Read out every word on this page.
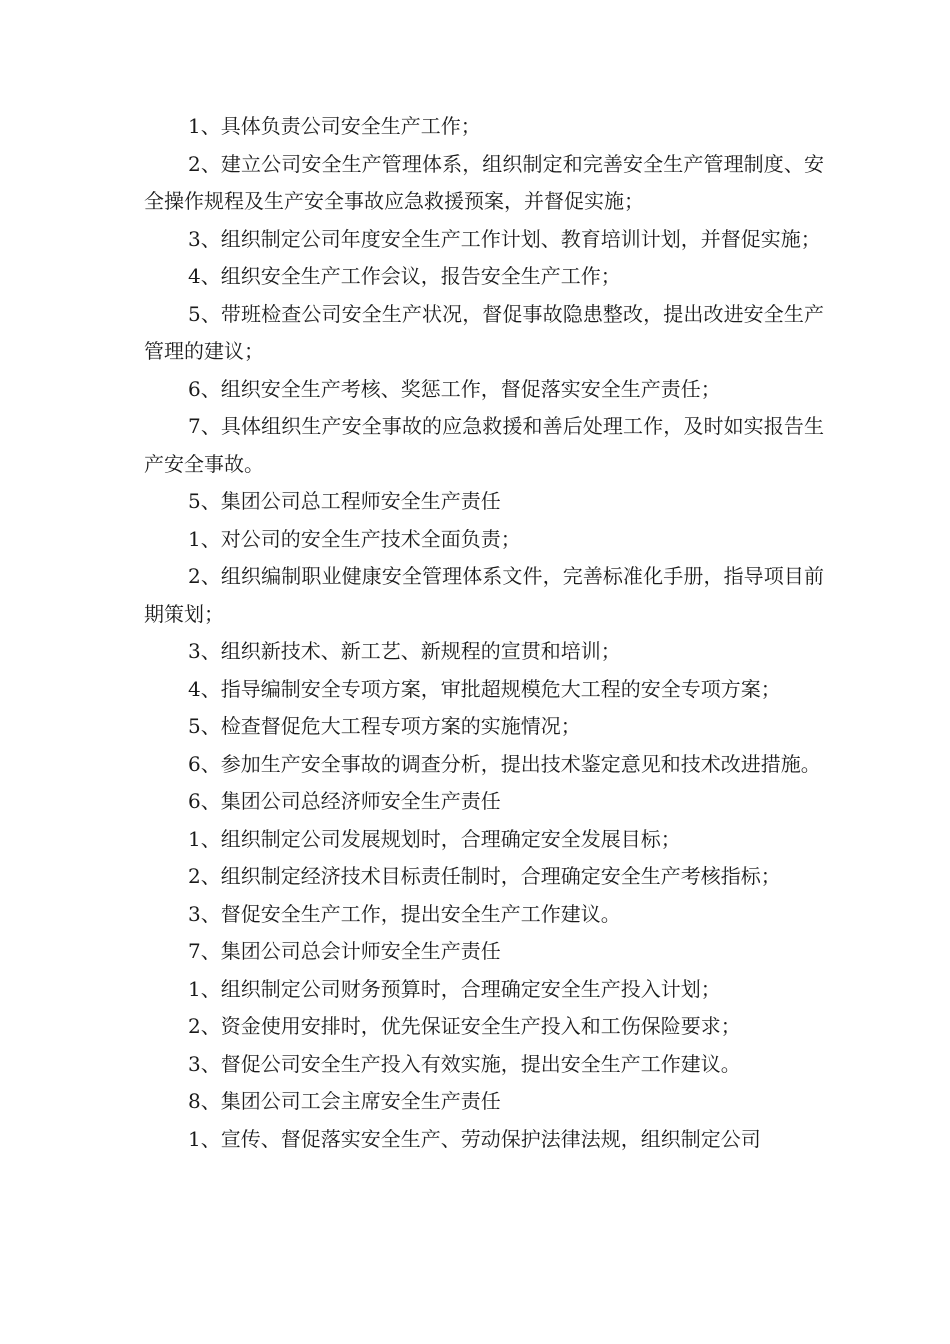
1、具体负责公司安全生产工作；

2、建立公司安全生产管理体系，组织制定和完善安全生产管理制度、安全操作规程及生产安全事故应急救援预案，并督促实施；

3、组织制定公司年度安全生产工作计划、教育培训计划，并督促实施；

4、组织安全生产工作会议，报告安全生产工作；

5、带班检查公司安全生产状况，督促事故隐患整改，提出改进安全生产管理的建议；

6、组织安全生产考核、奖惩工作，督促落实安全生产责任；

7、具体组织生产安全事故的应急救援和善后处理工作，及时如实报告生产安全事故。

5、集团公司总工程师安全生产责任

1、对公司的安全生产技术全面负责；

2、组织编制职业健康安全管理体系文件，完善标准化手册，指导项目前期策划；

3、组织新技术、新工艺、新规程的宣贯和培训；

4、指导编制安全专项方案，审批超规模危大工程的安全专项方案；

5、检查督促危大工程专项方案的实施情况；

6、参加生产安全事故的调查分析，提出技术鉴定意见和技术改进措施。

6、集团公司总经济师安全生产责任

1、组织制定公司发展规划时，合理确定安全发展目标；

2、组织制定经济技术目标责任制时，合理确定安全生产考核指标；

3、督促安全生产工作，提出安全生产工作建议。

7、集团公司总会计师安全生产责任

1、组织制定公司财务预算时，合理确定安全生产投入计划；

2、资金使用安排时，优先保证安全生产投入和工伤保险要求；

3、督促公司安全生产投入有效实施，提出安全生产工作建议。

8、集团公司工会主席安全生产责任

1、宣传、督促落实安全生产、劳动保护法律法规，组织制定公司
